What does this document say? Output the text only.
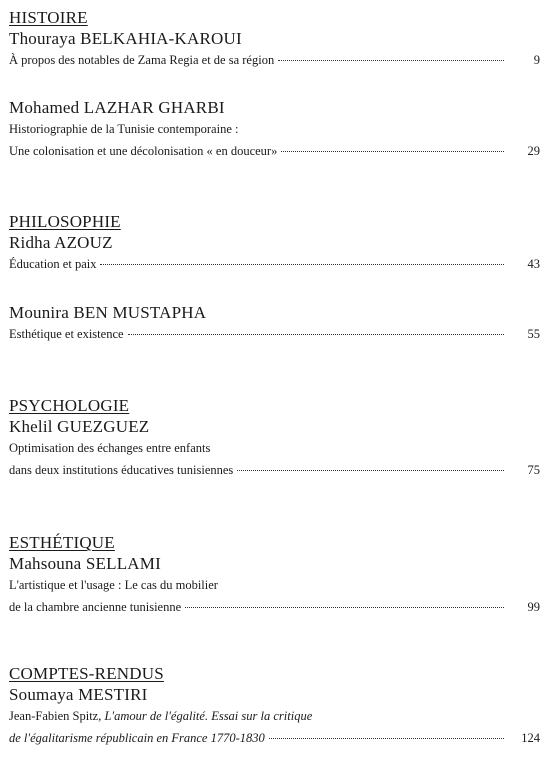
HISTOIRE
Thouraya BELKAHIA-KAROUI
À propos des notables de Zama Regia et de sa région	9
Mohamed LAZHAR GHARBI
Historiographie de la Tunisie contemporaine :
Une colonisation et une décolonisation « en douceur»	29
PHILOSOPHIE
Ridha AZOUZ
Éducation et paix	43
Mounira BEN MUSTAPHA
Esthétique et existence	55
PSYCHOLOGIE
Khelil GUEZGUEZ
Optimisation des échanges entre enfants
dans deux institutions éducatives tunisiennes	75
ESTHÉTIQUE
Mahsouna SELLAMI
L'artistique et l'usage : Le cas du mobilier
de la chambre ancienne tunisienne	99
COMPTES-RENDUS
Soumaya MESTIRI
Jean-Fabien Spitz, L'amour de l'égalité. Essai sur la critique
de l'égalitarisme républicain en France 1770-1830	124
